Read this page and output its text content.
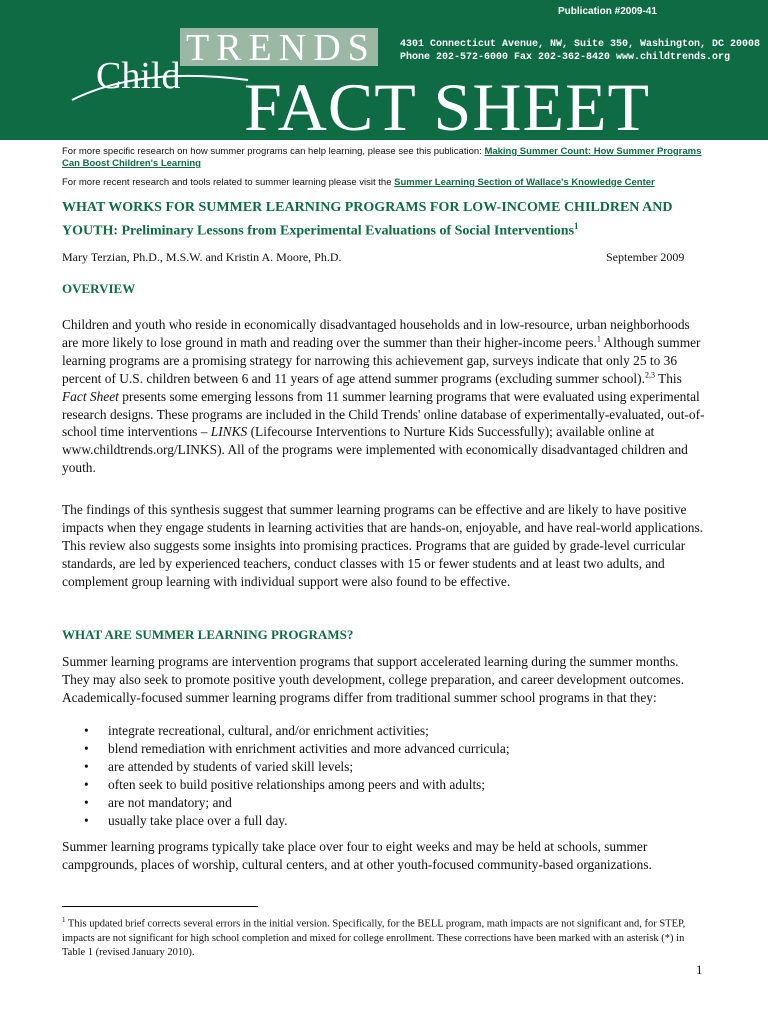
Publication #2009-41
TRENDS
Child FACT SHEET
4301 Connecticut Avenue, NW, Suite 350, Washington, DC 20008
Phone 202-572-6000 Fax 202-362-8420 www.childtrends.org
For more specific research on how summer programs can help learning, please see this publication: Making Summer Count: How Summer Programs Can Boost Children's Learning
For more recent research and tools related to summer learning please visit the Summer Learning Section of Wallace's Knowledge Center
WHAT WORKS FOR SUMMER LEARNING PROGRAMS FOR LOW-INCOME CHILDREN AND YOUTH: Preliminary Lessons from Experimental Evaluations of Social Interventions$^1$
Mary Terzian, Ph.D., M.S.W. and Kristin A. Moore, Ph.D.	September 2009
OVERVIEW
Children and youth who reside in economically disadvantaged households and in low-resource, urban neighborhoods are more likely to lose ground in math and reading over the summer than their higher-income peers.$^1$ Although summer learning programs are a promising strategy for narrowing this achievement gap, surveys indicate that only 25 to 36 percent of U.S. children between 6 and 11 years of age attend summer programs (excluding summer school).$^{2,3}$ This Fact Sheet presents some emerging lessons from 11 summer learning programs that were evaluated using experimental research designs. These programs are included in the Child Trends' online database of experimentally-evaluated, out-of-school time interventions – LINKS (Lifecourse Interventions to Nurture Kids Successfully); available online at www.childtrends.org/LINKS). All of the programs were implemented with economically disadvantaged children and youth.
The findings of this synthesis suggest that summer learning programs can be effective and are likely to have positive impacts when they engage students in learning activities that are hands-on, enjoyable, and have real-world applications. This review also suggests some insights into promising practices. Programs that are guided by grade-level curricular standards, are led by experienced teachers, conduct classes with 15 or fewer students and at least two adults, and complement group learning with individual support were also found to be effective.
WHAT ARE SUMMER LEARNING PROGRAMS?
Summer learning programs are intervention programs that support accelerated learning during the summer months. They may also seek to promote positive youth development, college preparation, and career development outcomes. Academically-focused summer learning programs differ from traditional summer school programs in that they:
• integrate recreational, cultural, and/or enrichment activities;
• blend remediation with enrichment activities and more advanced curricula;
• are attended by students of varied skill levels;
• often seek to build positive relationships among peers and with adults;
• are not mandatory; and
• usually take place over a full day.
Summer learning programs typically take place over four to eight weeks and may be held at schools, summer campgrounds, places of worship, cultural centers, and at other youth-focused community-based organizations.
$^1$ This updated brief corrects several errors in the initial version. Specifically, for the BELL program, math impacts are not significant and, for STEP, impacts are not significant for high school completion and mixed for college enrollment. These corrections have been marked with an asterisk (*) in Table 1 (revised January 2010).
1
